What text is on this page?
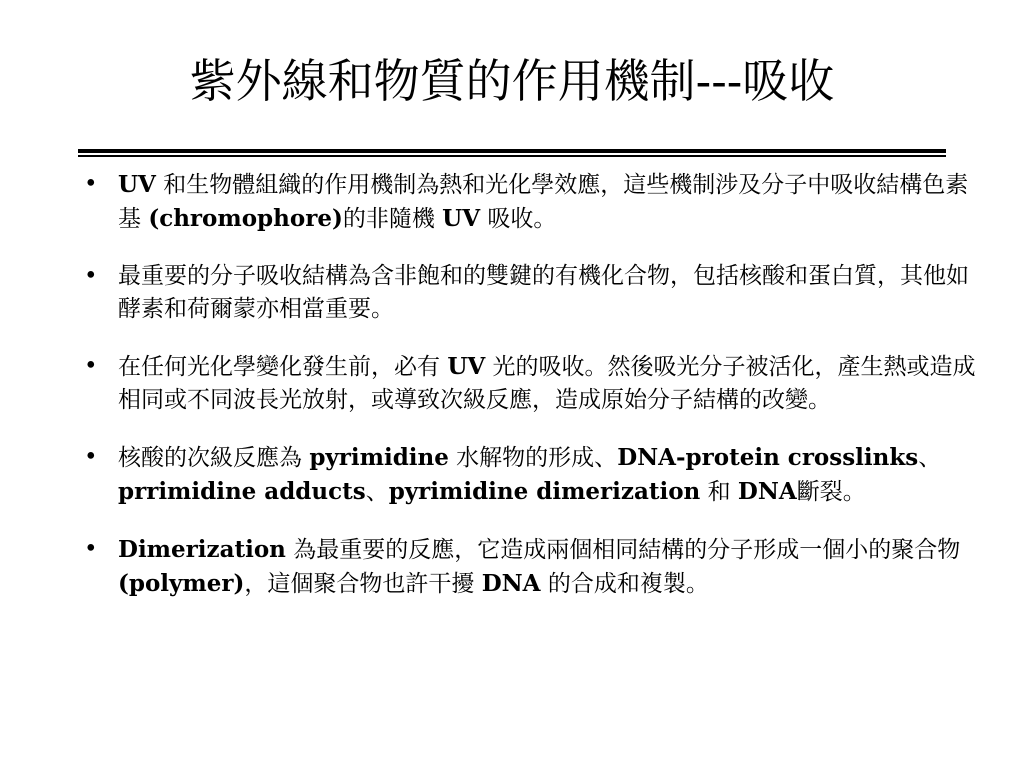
紫外線和物質的作用機制---吸收
• UV 和生物體組織的作用機制為熱和光化學效應，這些機制涉及分子中吸收結構色素基 (chromophore)的非隨機 UV 吸收。
• 最重要的分子吸收結構為含非飽和的雙鍵的有機化合物，包括核酸和蛋白質，其他如酵素和荷爾蒙亦相當重要。
• 在任何光化學變化發生前，必有 UV 光的吸收。然後吸光分子被活化，產生熱或造成相同或不同波長光放射，或導致次級反應，造成原始分子結構的改變。
• 核酸的次級反應為 pyrimidine 水解物的形成、DNA-protein crosslinks、prrimidine adducts、pyrimidine dimerization 和 DNA斷裂。
• Dimerization 為最重要的反應，它造成兩個相同結構的分子形成一個小的聚合物 (polymer)，這個聚合物也許干擾 DNA 的合成和複製。
